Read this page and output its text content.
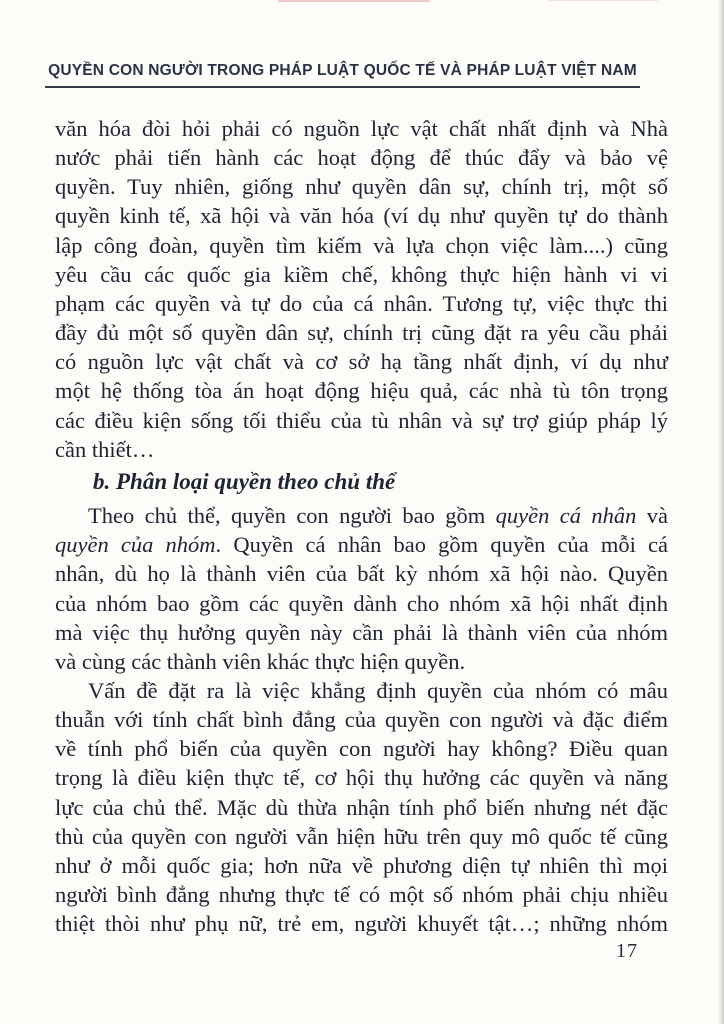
QUYỀN CON NGƯỜI TRONG PHÁP LUẬT QUỐC TẾ VÀ PHÁP LUẬT VIỆT NAM
văn hóa đòi hỏi phải có nguồn lực vật chất nhất định và Nhà
nước phải tiến hành các hoạt động để thúc đẩy và bảo vệ
quyền. Tuy nhiên, giống như quyền dân sự, chính trị, một số
quyền kinh tế, xã hội và văn hóa (ví dụ như quyền tự do thành
lập công đoàn, quyền tìm kiếm và lựa chọn việc làm....) cũng
yêu cầu các quốc gia kiềm chế, không thực hiện hành vi vi
phạm các quyền và tự do của cá nhân. Tương tự, việc thực thi
đầy đủ một số quyền dân sự, chính trị cũng đặt ra yêu cầu phải
có nguồn lực vật chất và cơ sở hạ tầng nhất định, ví dụ như
một hệ thống tòa án hoạt động hiệu quả, các nhà tù tôn trọng
các điều kiện sống tối thiểu của tù nhân và sự trợ giúp pháp lý
cần thiết…
b. Phân loại quyền theo chủ thể
Theo chủ thể, quyền con người bao gồm quyền cá nhân và
quyền của nhóm. Quyền cá nhân bao gồm quyền của mỗi cá
nhân, dù họ là thành viên của bất kỳ nhóm xã hội nào. Quyền
của nhóm bao gồm các quyền dành cho nhóm xã hội nhất định
mà việc thụ hưởng quyền này cần phải là thành viên của nhóm
và cùng các thành viên khác thực hiện quyền.
Vấn đề đặt ra là việc khẳng định quyền của nhóm có mâu
thuẫn với tính chất bình đẳng của quyền con người và đặc điểm
về tính phổ biến của quyền con người hay không? Điều quan
trọng là điều kiện thực tế, cơ hội thụ hưởng các quyền và năng
lực của chủ thể. Mặc dù thừa nhận tính phổ biến nhưng nét đặc
thù của quyền con người vẫn hiện hữu trên quy mô quốc tế cũng
như ở mỗi quốc gia; hơn nữa về phương diện tự nhiên thì mọi
người bình đẳng nhưng thực tế có một số nhóm phải chịu nhiều
thiệt thòi như phụ nữ, trẻ em, người khuyết tật…; những nhóm
17
